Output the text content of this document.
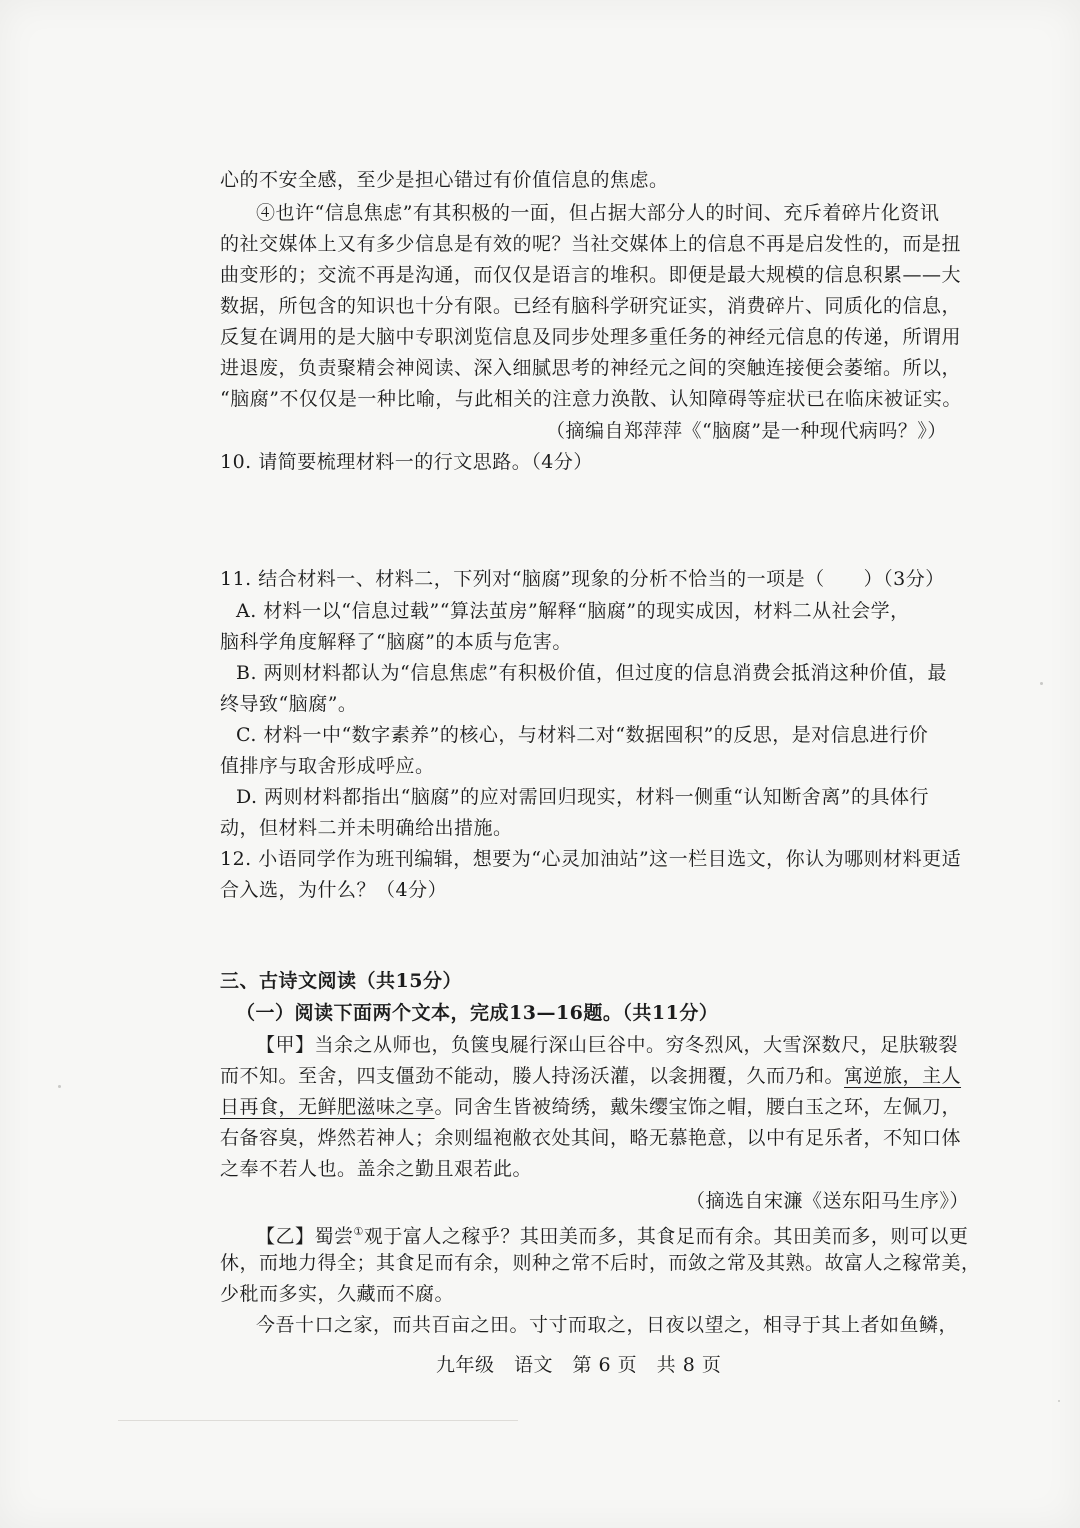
心的不安全感，至少是担心错过有价值信息的焦虑。
④也许“信息焦虑”有其积极的一面，但占据大部分人的时间、充斥着碎片化资讯
的社交媒体上又有多少信息是有效的呢？当社交媒体上的信息不再是启发性的，而是扭
曲变形的；交流不再是沟通，而仅仅是语言的堆积。即便是最大规模的信息积累——大
数据，所包含的知识也十分有限。已经有脑科学研究证实，消费碎片、同质化的信息，
反复在调用的是大脑中专职浏览信息及同步处理多重任务的神经元信息的传递，所谓用
进退废，负责聚精会神阅读、深入细腻思考的神经元之间的突触连接便会萎缩。所以，
“脑腐”不仅仅是一种比喻，与此相关的注意力涣散、认知障碍等症状已在临床被证实。
（摘编自郑萍萍《“脑腐”是一种现代病吗？》）
10. 请简要梳理材料一的行文思路。（4分）
11. 结合材料一、材料二，下列对“脑腐”现象的分析不恰当的一项是（　　）（3分）
A. 材料一以“信息过载”“算法茧房”解释“脑腐”的现实成因，材料二从社会学，
脑科学角度解释了“脑腐”的本质与危害。
B. 两则材料都认为“信息焦虑”有积极价值，但过度的信息消费会抵消这种价值，最
终导致“脑腐”。
C. 材料一中“数字素养”的核心，与材料二对“数据囤积”的反思，是对信息进行价
值排序与取舍形成呼应。
D. 两则材料都指出“脑腐”的应对需回归现实，材料一侧重“认知断舍离”的具体行
动，但材料二并未明确给出措施。
12. 小语同学作为班刊编辑，想要为“心灵加油站”这一栏目选文，你认为哪则材料更适
合入选，为什么？（4分）
三、古诗文阅读（共15分）
（一）阅读下面两个文本，完成13—16题。（共11分）
【甲】当余之从师也，负箧曳屣行深山巨谷中。穷冬烈风，大雪深数尺，足肤皲裂
而不知。至舍，四支僵劲不能动，媵人持汤沃灌，以衾拥覆，久而乃和。寓逆旅，主人
日再食，无鲜肥滋味之享。同舍生皆被绮绣，戴朱缨宝饰之帽，腰白玉之环，左佩刀，
右备容臭，烨然若神人；余则缊袍敝衣处其间，略无慕艳意，以中有足乐者，不知口体
之奉不若人也。盖余之勤且艰若此。
（摘选自宋濂《送东阳马生序》）
【乙】蜀尝①观于富人之稼乎？其田美而多，其食足而有余。其田美而多，则可以更
休，而地力得全；其食足而有余，则种之常不后时，而敛之常及其熟。故富人之稼常美，
少秕而多实，久藏而不腐。
今吾十口之家，而共百亩之田。寸寸而取之，日夜以望之，相寻于其上者如鱼鳞，
九年级　语文　第 6 页　共 8 页
